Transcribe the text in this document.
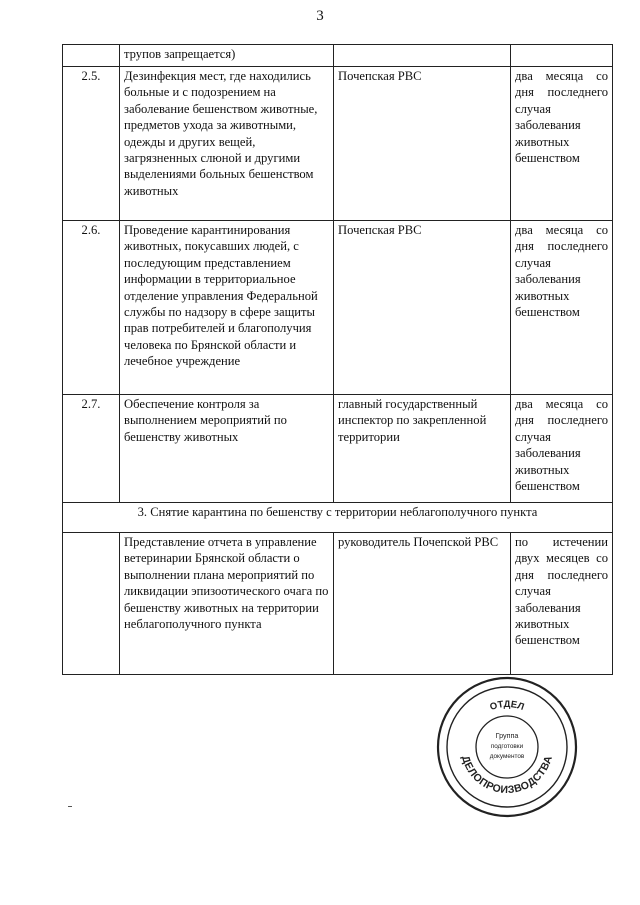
3
	трупов запрещается)		
2.5.	Дезинфекция мест, где находились больные и с подозрением на заболевание бешенством животные, предметов ухода за животными, одежды и других вещей, загрязненных слюной и другими выделениями больных бешенством животных	Почепская РВС	два месяца со дня последнего случая заболевания животных бешенством
2.6.	Проведение карантинирования животных, покусавших людей, с последующим представлением информации в территориальное отделение управления Федеральной службы по надзору в сфере защиты прав потребителей и благополучия человека по Брянской области и лечебное учреждение	Почепская РВС	два месяца со дня последнего случая заболевания животных бешенством
2.7.	Обеспечение контроля за выполнением мероприятий по бешенству животных	главный государственный инспектор по закрепленной территории	два месяца со дня последнего случая заболевания животных бешенством
3. Снятие карантина по бешенству с территории неблагополучного пункта			
	Представление отчета в управление ветеринарии Брянской области о выполнении плана мероприятий по ликвидации эпизоотического очага по бешенству животных на территории неблагополучного пункта	руководитель Почепской РВС	по истечении двух месяцев со дня последнего случая заболевания животных бешенством
ОТДЕЛ
ДЕЛОПРОИЗВОДСТВА
Группа
подготовки
документов
